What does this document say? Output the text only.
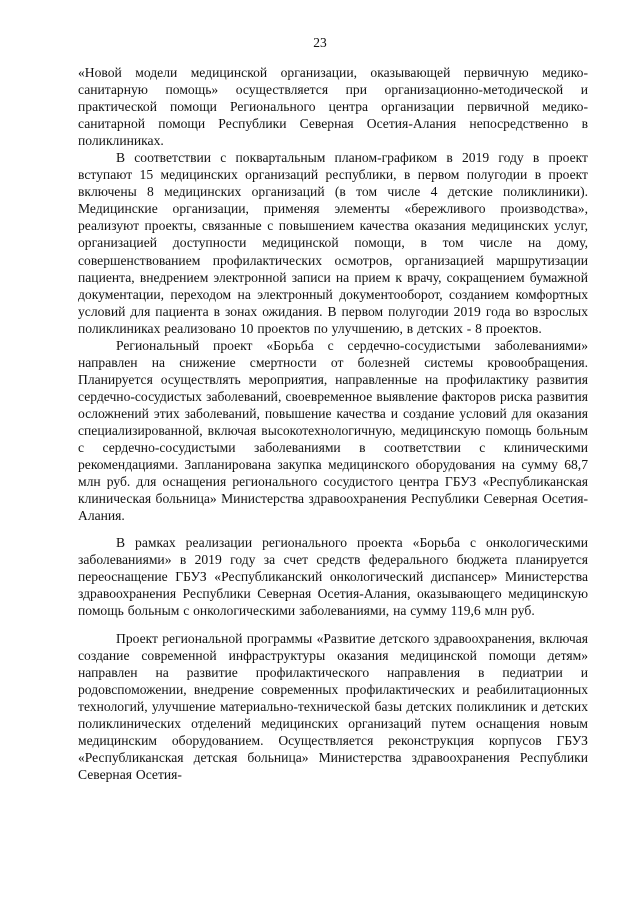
23

«Новой модели медицинской организации, оказывающей первичную медико-санитарную помощь» осуществляется при организационно-методической и практической помощи Регионального центра организации первичной медико-санитарной помощи Республики Северная Осетия-Алания непосредственно в поликлиниках.

В соответствии с поквартальным планом-графиком в 2019 году в проект вступают 15 медицинских организаций республики, в первом полугодии в проект включены 8 медицинских организаций (в том числе 4 детские поликлиники). Медицинские организации, применяя элементы «бережливого производства», реализуют проекты, связанные с повышением качества оказания медицинских услуг, организацией доступности медицинской помощи, в том числе на дому, совершенствованием профилактических осмотров, организацией маршрутизации пациента, внедрением электронной записи на прием к врачу, сокращением бумажной документации, переходом на электронный документооборот, созданием комфортных условий для пациента в зонах ожидания. В первом полугодии 2019 года во взрослых поликлиниках реализовано 10 проектов по улучшению, в детских - 8 проектов.

Региональный проект «Борьба с сердечно-сосудистыми заболеваниями» направлен на снижение смертности от болезней системы кровообращения. Планируется осуществлять мероприятия, направленные на профилактику развития сердечно-сосудистых заболеваний, своевременное выявление факторов риска развития осложнений этих заболеваний, повышение качества и создание условий для оказания специализированной, включая высокотехнологичную, медицинскую помощь больным с сердечно-сосудистыми заболеваниями в соответствии с клиническими рекомендациями. Запланирована закупка медицинского оборудования на сумму 68,7 млн руб. для оснащения регионального сосудистого центра ГБУЗ «Республиканская клиническая больница» Министерства здравоохранения Республики Северная Осетия-Алания.

В рамках реализации регионального проекта «Борьба с онкологическими заболеваниями» в 2019 году за счет средств федерального бюджета планируется переоснащение ГБУЗ «Республиканский онкологический диспансер» Министерства здравоохранения Республики Северная Осетия-Алания, оказывающего медицинскую помощь больным с онкологическими заболеваниями, на сумму 119,6 млн руб.

Проект региональной программы «Развитие детского здравоохранения, включая создание современной инфраструктуры оказания медицинской помощи детям» направлен на развитие профилактического направления в педиатрии и родовспоможении, внедрение современных профилактических и реабилитационных технологий, улучшение материально-технической базы детских поликлиник и детских поликлинических отделений медицинских организаций путем оснащения новым медицинским оборудованием. Осуществляется реконструкция корпусов ГБУЗ «Республиканская детская больница» Министерства здравоохранения Республики Северная Осетия-
